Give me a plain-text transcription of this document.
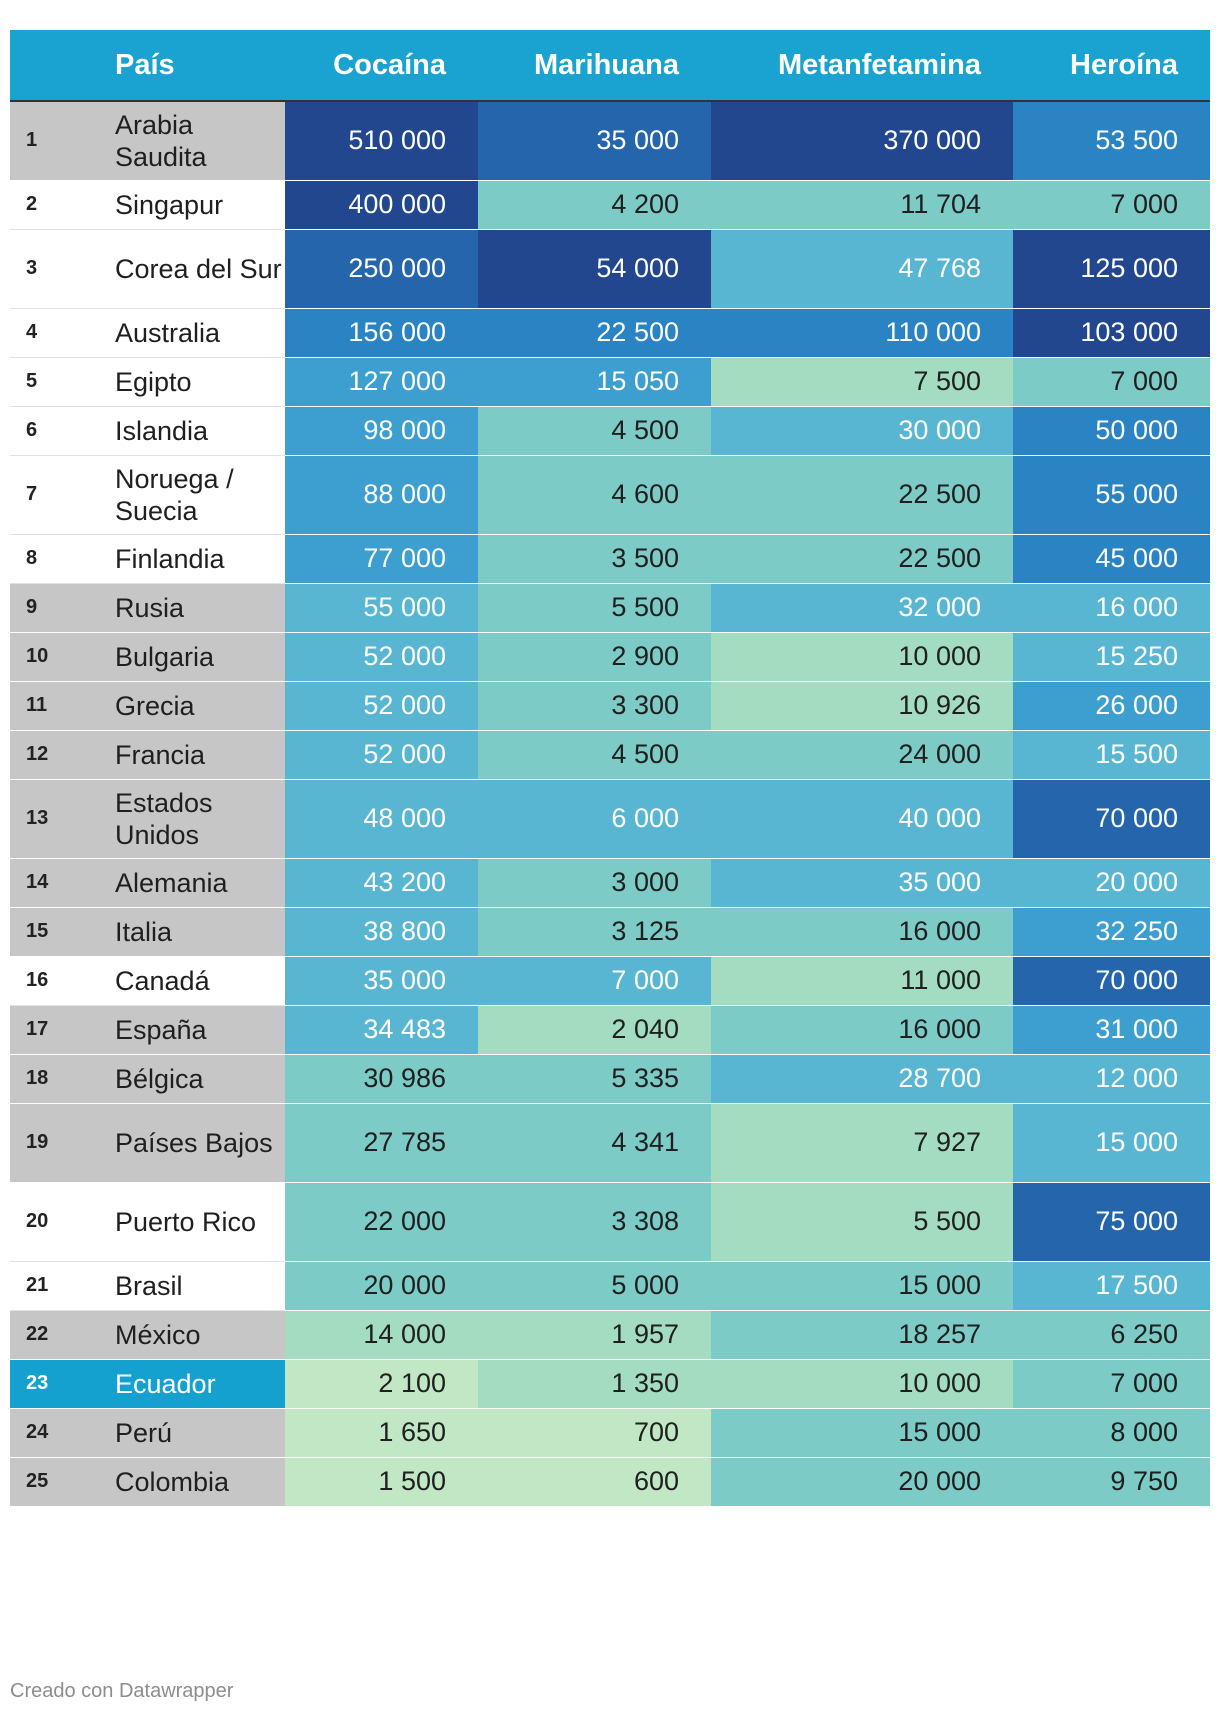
	País	Cocaína	Marihuana	Metanfetamina	Heroína
1	Arabia Saudita	510 000	35 000	370 000	53 500
2	Singapur	400 000	4 200	11 704	7 000
3	Corea del Sur	250 000	54 000	47 768	125 000
4	Australia	156 000	22 500	110 000	103 000
5	Egipto	127 000	15 050	7 500	7 000
6	Islandia	98 000	4 500	30 000	50 000
7	Noruega / Suecia	88 000	4 600	22 500	55 000
8	Finlandia	77 000	3 500	22 500	45 000
9	Rusia	55 000	5 500	32 000	16 000
10	Bulgaria	52 000	2 900	10 000	15 250
11	Grecia	52 000	3 300	10 926	26 000
12	Francia	52 000	4 500	24 000	15 500
13	Estados Unidos	48 000	6 000	40 000	70 000
14	Alemania	43 200	3 000	35 000	20 000
15	Italia	38 800	3 125	16 000	32 250
16	Canadá	35 000	7 000	11 000	70 000
17	España	34 483	2 040	16 000	31 000
18	Bélgica	30 986	5 335	28 700	12 000
19	Países Bajos	27 785	4 341	7 927	15 000
20	Puerto Rico	22 000	3 308	5 500	75 000
21	Brasil	20 000	5 000	15 000	17 500
22	México	14 000	1 957	18 257	6 250
23	Ecuador	2 100	1 350	10 000	7 000
24	Perú	1 650	700	15 000	8 000
25	Colombia	1 500	600	20 000	9 750
Creado con Datawrapper
